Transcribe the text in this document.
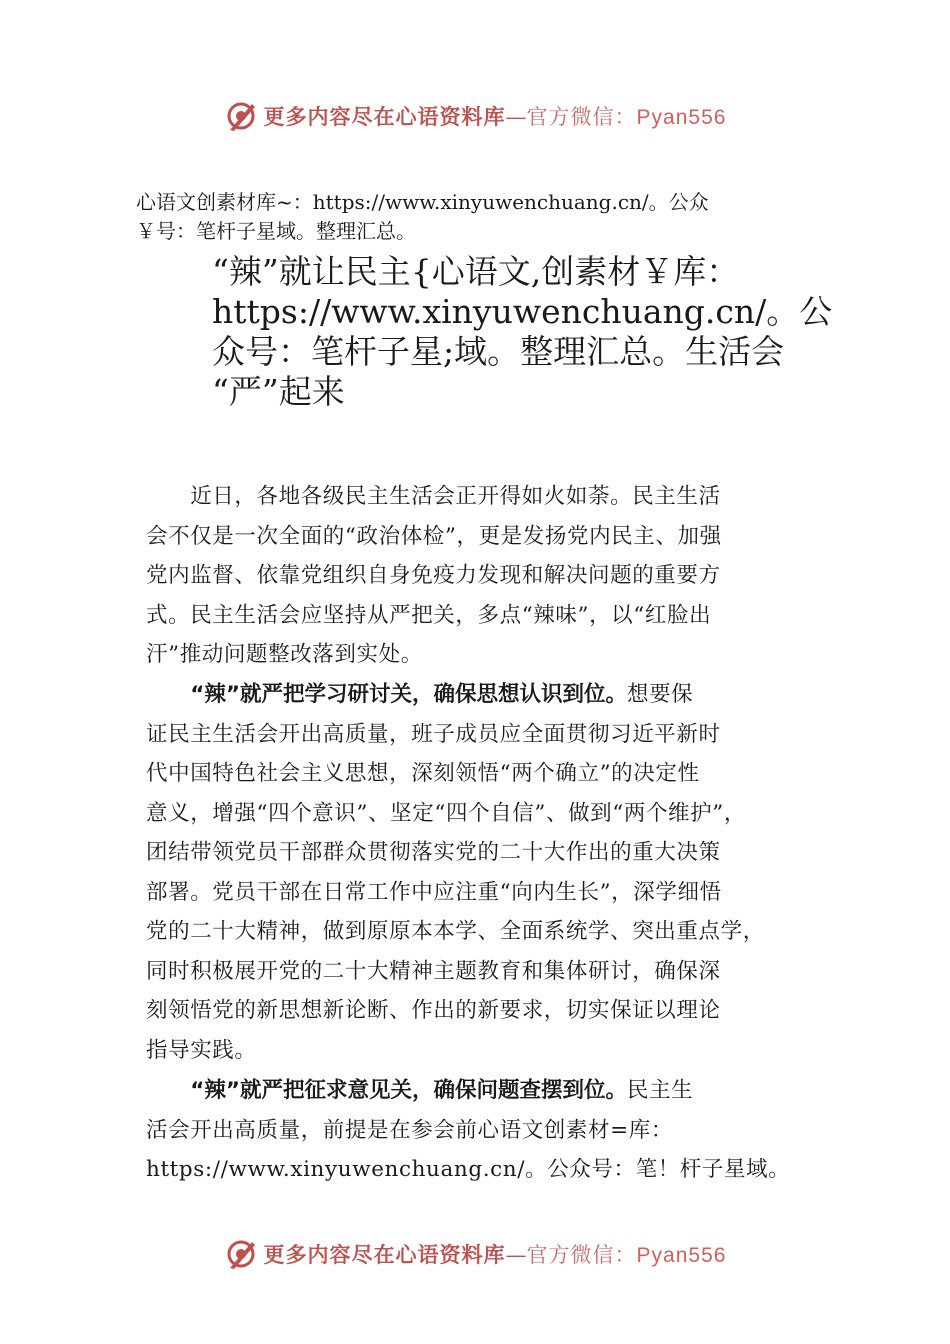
更多内容尽在心语资料库—官方微信：Pyan556
心语文创素材库~：https://www.xinyuwenchuang.cn/。公众
￥号：笔杆子星域。整理汇总。
“辣”就让民主{心语文,创素材￥库：
https://www.xinyuwenchuang.cn/。公
众号：笔杆子星;域。整理汇总。生活会
“严”起来
　　近日，各地各级民主生活会正开得如火如荼。民主生活
会不仅是一次全面的“政治体检”，更是发扬党内民主、加强
党内监督、依靠党组织自身免疫力发现和解决问题的重要方
式。民主生活会应坚持从严把关，多点“辣味”，以“红脸出
汗”推动问题整改落到实处。
　　“辣”就严把学习研讨关，确保思想认识到位。想要保
证民主生活会开出高质量，班子成员应全面贯彻习近平新时
代中国特色社会主义思想，深刻领悟“两个确立”的决定性
意义，增强“四个意识”、坚定“四个自信”、做到“两个维护”，
团结带领党员干部群众贯彻落实党的二十大作出的重大决策
部署。党员干部在日常工作中应注重“向内生长”，深学细悟
党的二十大精神，做到原原本本学、全面系统学、突出重点学，
同时积极展开党的二十大精神主题教育和集体研讨，确保深
刻领悟党的新思想新论断、作出的新要求，切实保证以理论
指导实践。
　　“辣”就严把征求意见关，确保问题查摆到位。民主生
活会开出高质量，前提是在参会前心语文创素材=库：
https://www.xinyuwenchuang.cn/。公众号：笔！杆子星域。
更多内容尽在心语资料库—官方微信：Pyan556
